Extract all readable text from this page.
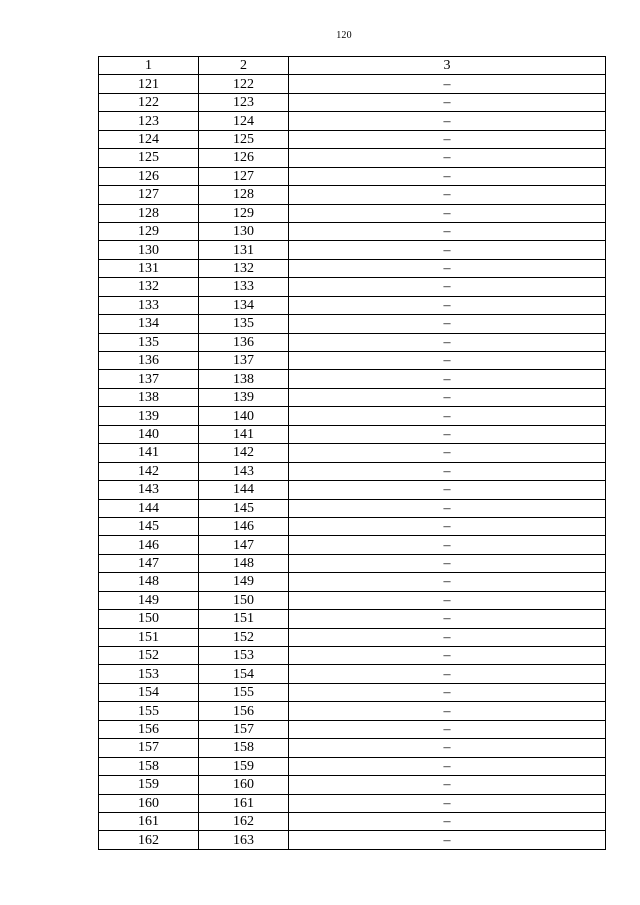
120
1	2	3
121	122	–
122	123	–
123	124	–
124	125	–
125	126	–
126	127	–
127	128	–
128	129	–
129	130	–
130	131	–
131	132	–
132	133	–
133	134	–
134	135	–
135	136	–
136	137	–
137	138	–
138	139	–
139	140	–
140	141	–
141	142	–
142	143	–
143	144	–
144	145	–
145	146	–
146	147	–
147	148	–
148	149	–
149	150	–
150	151	–
151	152	–
152	153	–
153	154	–
154	155	–
155	156	–
156	157	–
157	158	–
158	159	–
159	160	–
160	161	–
161	162	–
162	163	–
